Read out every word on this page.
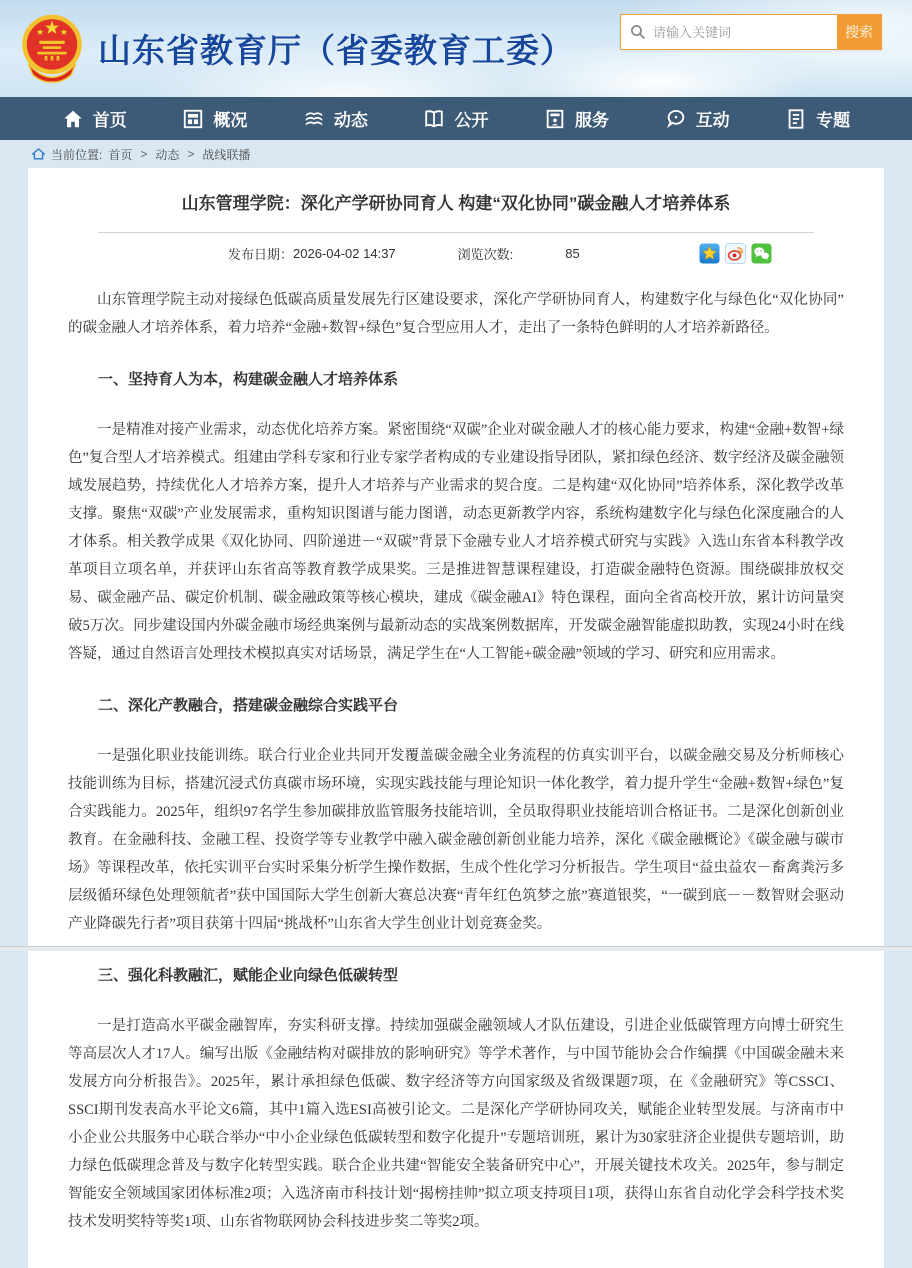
山东省教育厅（省委教育工委）
请输入关键词	搜索
首页	概况	动态	公开	服务	互动	专题
当前位置: 首页 > 动态 > 战线联播
山东管理学院：深化产学研协同育人 构建“双化协同”碳金融人才培养体系
发布日期： 2026-04-02 14:37	浏览次数:	85

山东管理学院主动对接绿色低碳高质量发展先行区建设要求，深化产学研协同育人，构建数字化与绿色化“双化协同”的碳金融人才培养体系，着力培养“金融+数智+绿色”复合型应用人才，走出了一条特色鲜明的人才培养新路径。

一、坚持育人为本，构建碳金融人才培养体系

一是精准对接产业需求，动态优化培养方案。紧密围绕“双碳”企业对碳金融人才的核心能力要求，构建“金融+数智+绿色”复合型人才培养模式。组建由学科专家和行业专家学者构成的专业建设指导团队，紧扣绿色经济、数字经济及碳金融领域发展趋势，持续优化人才培养方案，提升人才培养与产业需求的契合度。二是构建“双化协同”培养体系，深化教学改革支撑。聚焦“双碳”产业发展需求，重构知识图谱与能力图谱，动态更新教学内容，系统构建数字化与绿色化深度融合的人才体系。相关教学成果《双化协同、四阶递进－“双碳”背景下金融专业人才培养模式研究与实践》入选山东省本科教学改革项目立项名单，并获评山东省高等教育教学成果奖。三是推进智慧课程建设，打造碳金融特色资源。围绕碳排放权交易、碳金融产品、碳定价机制、碳金融政策等核心模块，建成《碳金融AI》特色课程，面向全省高校开放，累计访问量突破5万次。同步建设国内外碳金融市场经典案例与最新动态的实战案例数据库，开发碳金融智能虚拟助教，实现24小时在线答疑，通过自然语言处理技术模拟真实对话场景，满足学生在“人工智能+碳金融”领域的学习、研究和应用需求。

二、深化产教融合，搭建碳金融综合实践平台

一是强化职业技能训练。联合行业企业共同开发覆盖碳金融全业务流程的仿真实训平台，以碳金融交易及分析师核心技能训练为目标，搭建沉浸式仿真碳市场环境，实现实践技能与理论知识一体化教学，着力提升学生“金融+数智+绿色”复合实践能力。2025年，组织97名学生参加碳排放监管服务技能培训，全员取得职业技能培训合格证书。二是深化创新创业教育。在金融科技、金融工程、投资学等专业教学中融入碳金融创新创业能力培养，深化《碳金融概论》《碳金融与碳市场》等课程改革，依托实训平台实时采集分析学生操作数据，生成个性化学习分析报告。学生项目“益虫益农－畜禽粪污多层级循环绿色处理领航者”获中国国际大学生创新大赛总决赛“青年红色筑梦之旅”赛道银奖，“一碳到底－－数智财会驱动产业降碳先行者”项目获第十四届“挑战杯”山东省大学生创业计划竞赛金奖。

三、强化科教融汇，赋能企业向绿色低碳转型

一是打造高水平碳金融智库，夯实科研支撑。持续加强碳金融领域人才队伍建设，引进企业低碳管理方向博士研究生等高层次人才17人。编写出版《金融结构对碳排放的影响研究》等学术著作，与中国节能协会合作编撰《中国碳金融未来发展方向分析报告》。2025年，累计承担绿色低碳、数字经济等方向国家级及省级课题7项，在《金融研究》等CSSCI、SSCI期刊发表高水平论文6篇，其中1篇入选ESI高被引论文。二是深化产学研协同攻关，赋能企业转型发展。与济南市中小企业公共服务中心联合举办“中小企业绿色低碳转型和数字化提升”专题培训班，累计为30家驻济企业提供专题培训，助力绿色低碳理念普及与数字化转型实践。联合企业共建“智能安全装备研究中心”，开展关键技术攻关。2025年，参与制定智能安全领域国家团体标准2项；入选济南市科技计划“揭榜挂帅”拟立项支持项目1项，获得山东省自动化学会科学技术奖技术发明奖特等奖1项、山东省物联网协会科技进步奖二等奖2项。
